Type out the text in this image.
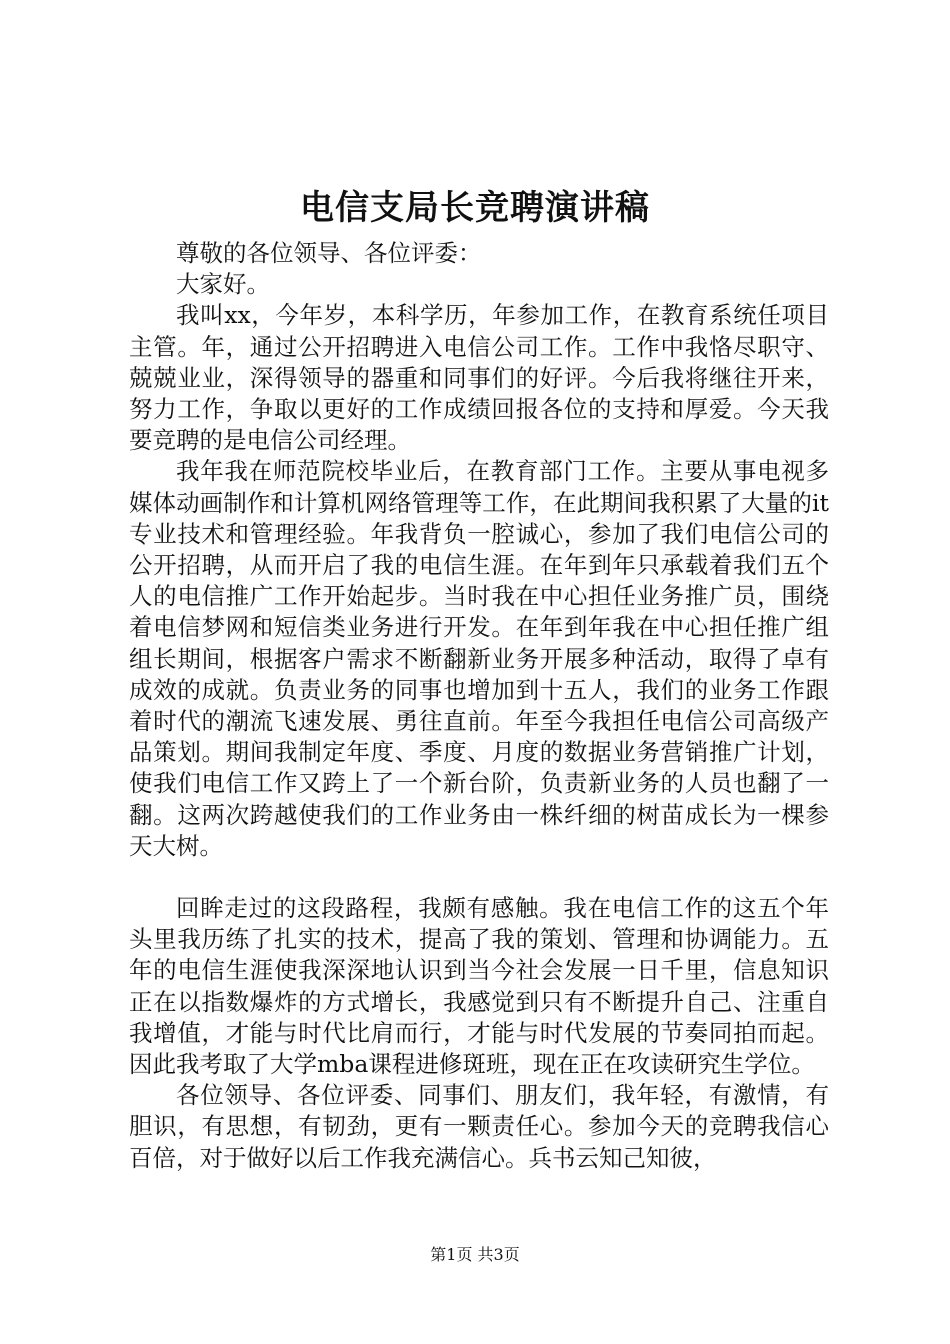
电信支局长竞聘演讲稿

尊敬的各位领导、各位评委：

大家好。

我叫xx，今年岁，本科学历，年参加工作，在教育系统任项目主管。年，通过公开招聘进入电信公司工作。工作中我恪尽职守、兢兢业业，深得领导的器重和同事们的好评。今后我将继往开来，努力工作，争取以更好的工作成绩回报各位的支持和厚爱。今天我要竞聘的是电信公司经理。

我年我在师范院校毕业后，在教育部门工作。主要从事电视多媒体动画制作和计算机网络管理等工作，在此期间我积累了大量的it专业技术和管理经验。年我背负一腔诚心，参加了我们电信公司的公开招聘，从而开启了我的电信生涯。在年到年只承载着我们五个人的电信推广工作开始起步。当时我在中心担任业务推广员，围绕着电信梦网和短信类业务进行开发。在年到年我在中心担任推广组组长期间，根据客户需求不断翻新业务开展多种活动，取得了卓有成效的成就。负责业务的同事也增加到十五人，我们的业务工作跟着时代的潮流飞速发展、勇往直前。年至今我担任电信公司高级产品策划。期间我制定年度、季度、月度的数据业务营销推广计划，使我们电信工作又跨上了一个新台阶，负责新业务的人员也翻了一翻。这两次跨越使我们的工作业务由一株纤细的树苗成长为一棵参天大树。

回眸走过的这段路程，我颇有感触。我在电信工作的这五个年头里我历练了扎实的技术，提高了我的策划、管理和协调能力。五年的电信生涯使我深深地认识到当今社会发展一日千里，信息知识正在以指数爆炸的方式增长，我感觉到只有不断提升自己、注重自我增值，才能与时代比肩而行，才能与时代发展的节奏同拍而起。因此我考取了大学mba课程进修斑班，现在正在攻读研究生学位。

各位领导、各位评委、同事们、朋友们，我年轻，有激情，有胆识，有思想，有韧劲，更有一颗责任心。参加今天的竞聘我信心百倍，对于做好以后工作我充满信心。兵书云知己知彼，

第1页 共3页
